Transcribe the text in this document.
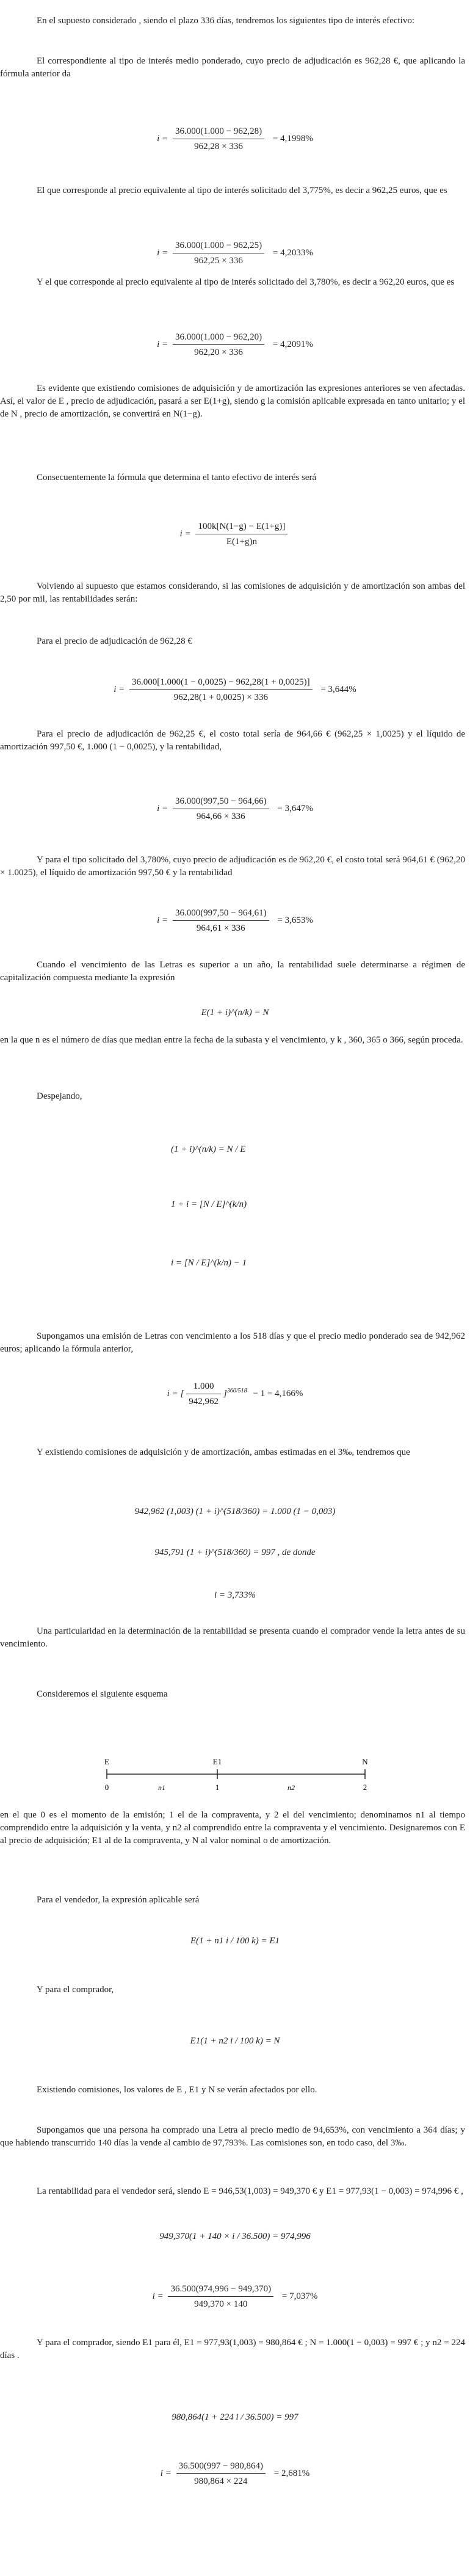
En el supuesto considerado , siendo el plazo 336 días, tendremos los siguientes tipo de interés efectivo:

El correspondiente al tipo de interés medio ponderado, cuyo precio de adjudicación es 962,28 €, que aplicando la fórmula anterior da

$i = \frac{36.000(1.000 - 962,28)}{962,28 \times 336} = 4,1998\%$

El que corresponde al precio equivalente al tipo de interés solicitado del 3,775%, es decir a 962,25 euros, que es

$i = \frac{36.000(1.000 - 962,25)}{962,25 \times 336} = 4,2033\%$

Y el que corresponde al precio equivalente al tipo de interés solicitado del 3,780%, es decir a 962,20 euros, que es

$i = \frac{36.000(1.000 - 962,20)}{962,20 \times 336} = 4,2091\%$

Es evidente que existiendo comisiones de adquisición y de amortización las expresiones anteriores se ven afectadas. Así, el valor de E , precio de adjudicación, pasará a ser E(1+g), siendo g la comisión aplicable expresada en tanto unitario; y el de N , precio de amortización, se convertirá en N(1−g).

Consecuentemente la fórmula que determina el tanto efectivo de interés será

$i = \frac{100k[N(1-g) - E(1+g)]}{E(1+g)n}$

Volviendo al supuesto que estamos considerando, si las comisiones de adquisición y de amortización son ambas del 2,50 por mil, las rentabilidades serán:

Para el precio de adjudicación de 962,28 €

$i = \frac{36.000[1.000(1 - 0,0025) - 962,28(1 + 0,0025)]}{962,28(1 + 0,0025) \times 336} = 3,644\%$

Para el precio de adjudicación de 962,25 €, el costo total sería de 964,66 € (962,25 × 1,0025) y el líquido de amortización 997,50 €, 1.000 (1 − 0,0025), y la rentabilidad,

$i = \frac{36.000(997,50 - 964,66)}{964,66 \times 336} = 3,647\%$

Y para el tipo solicitado del 3,780%, cuyo precio de adjudicación es de 962,20 €, el costo total será 964,61 € (962,20 × 1.0025), el líquido de amortización 997,50 € y la rentabilidad

$i = \frac{36.000(997,50 - 964,61)}{964,61 \times 336} = 3,653\%$

Cuando el vencimiento de las Letras es superior a un año, la rentabilidad suele determinarse a régimen de capitalización compuesta mediante la expresión

E(1 + i)^(n/k) = N

en la que n es el número de días que median entre la fecha de la subasta y el vencimiento, y k , 360, 365 o 366, según proceda.

Despejando,

(1 + i)^(n/k) = N / E
1 + i = [N / E]^(k/n)
i = [N / E]^(k/n) − 1

Supongamos una emisión de Letras con vencimiento a los 518 días y que el precio medio ponderado sea de 942,962 euros; aplicando la fórmula anterior,

i = [ $\frac{1.000}{942,962} ]^{360/518} - 1 = 4,166\%$

Y existiendo comisiones de adquisición y de amortización, ambas estimadas en el 3‰, tendremos que

942,962 (1,003) (1 + i)^(518/360) = 1.000 (1 − 0,003)
945,791 (1 + i)^(518/360) = 997 , de donde
i = 3,733%

Una particularidad en la determinación de la rentabilidad se presenta cuando el comprador vende la letra antes de su vencimiento.

Consideremos el siguiente esquema

E	E1	N
0	1	2
n1	n2

en el que 0 es el momento de la emisión; 1 el de la compraventa, y 2 el del vencimiento; denominamos n1 al tiempo comprendido entre la adquisición y la venta, y n2 al comprendido entre la compraventa y el vencimiento. Designaremos con E al precio de adquisición; E1 al de la compraventa, y N al valor nominal o de amortización.

Para el vendedor, la expresión aplicable será

E(1 + n1 i / 100 k) = E1

Y para el comprador,

E1(1 + n2 i / 100 k) = N

Existiendo comisiones, los valores de E , E1 y N se verán afectados por ello.

Supongamos que una persona ha comprado una Letra al precio medio de 94,653%, con vencimiento a 364 días; y que habiendo transcurrido 140 días la vende al cambio de 97,793%. Las comisiones son, en todo caso, del 3‰.

La rentabilidad para el vendedor será, siendo E = 946,53(1,003) = 949,370 € y E1 = 977,93(1 − 0,003) = 974,996 € ,

949,370(1 + 140 × i / 36.500) = 974,996
$i = \frac{36.500(974,996 - 949,370)}{949,370 \times 140} = 7,037\%$

Y para el comprador, siendo E1 para él, E1 = 977,93(1,003) = 980,864 € ; N = 1.000(1 − 0,003) = 997 € ; y n2 = 224 días .

980,864(1 + 224 i / 36.500) = 997
$i = \frac{36.500(997 - 980,864)}{980,864 \times 224} = 2,681\%$
